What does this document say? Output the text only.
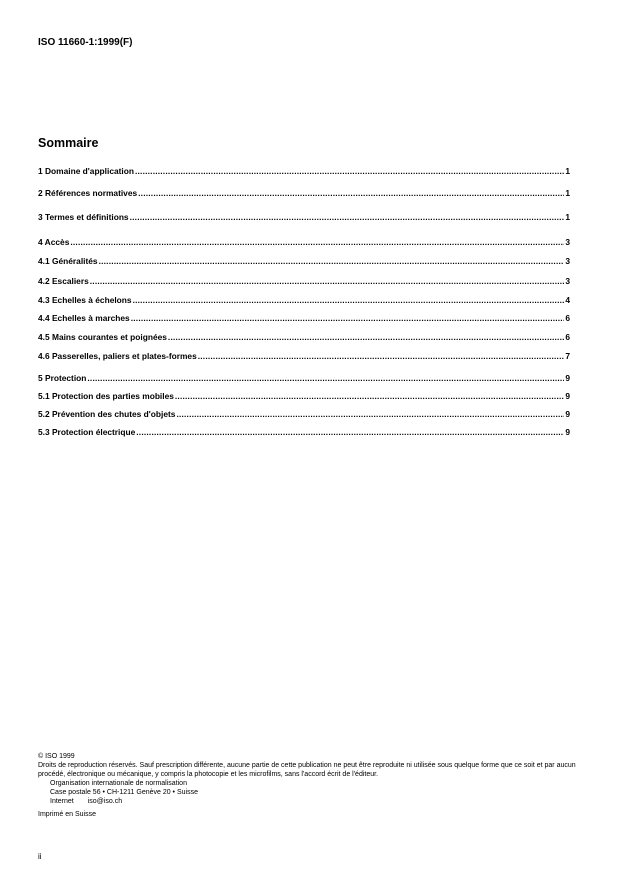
ISO 11660-1:1999(F)
Sommaire
1 Domaine d'application .....	1
2 Références normatives .....	1
3 Termes et définitions .....	1
4 Accès .....	3
4.1 Généralités .....	3
4.2 Escaliers .....	3
4.3 Echelles à échelons .....	4
4.4 Echelles à marches .....	6
4.5 Mains courantes et poignées .....	6
4.6 Passerelles, paliers et plates-formes .....	7
5 Protection .....	9
5.1 Protection des parties mobiles .....	9
5.2 Prévention des chutes d'objets .....	9
5.3 Protection électrique .....	9
© ISO 1999
Droits de reproduction réservés. Sauf prescription différente, aucune partie de cette publication ne peut être reproduite ni utilisée sous quelque forme que ce soit et par aucun procédé, électronique ou mécanique, y compris la photocopie et les microfilms, sans l'accord écrit de l'éditeur.
Organisation internationale de normalisation
Case postale 56 • CH-1211 Genève 20 • Suisse
Internet iso@iso.ch
Imprimé en Suisse
ii
